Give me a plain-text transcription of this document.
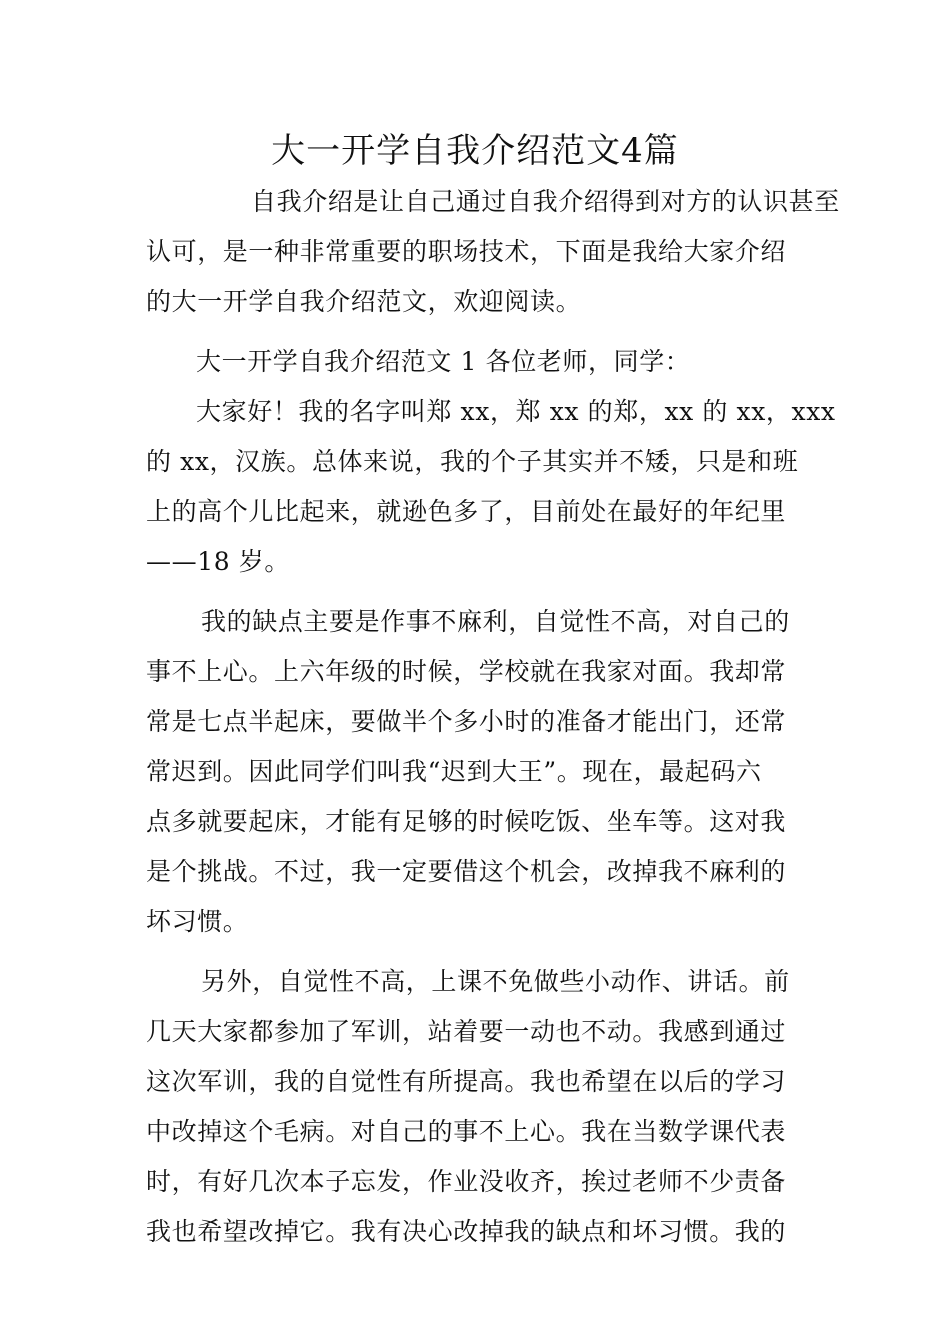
大一开学自我介绍范文4篇
自我介绍是让自己通过自我介绍得到对方的认识甚至
认可，是一种非常重要的职场技术，下面是我给大家介绍
的大一开学自我介绍范文，欢迎阅读。
大一开学自我介绍范文 1 各位老师，同学：
大家好！我的名字叫郑 xx，郑 xx 的郑，xx 的 xx，xxx
的 xx，汉族。总体来说，我的个子其实并不矮，只是和班
上的高个儿比起来，就逊色多了，目前处在最好的年纪里
——18 岁。
我的缺点主要是作事不麻利，自觉性不高，对自己的
事不上心。上六年级的时候，学校就在我家对面。我却常
常是七点半起床，要做半个多小时的准备才能出门，还常
常迟到。因此同学们叫我“迟到大王”。现在，最起码六
点多就要起床，才能有足够的时候吃饭、坐车等。这对我
是个挑战。不过，我一定要借这个机会，改掉我不麻利的
坏习惯。
另外，自觉性不高，上课不免做些小动作、讲话。前
几天大家都参加了军训，站着要一动也不动。我感到通过
这次军训，我的自觉性有所提高。我也希望在以后的学习
中改掉这个毛病。对自己的事不上心。我在当数学课代表
时，有好几次本子忘发，作业没收齐，挨过老师不少责备
我也希望改掉它。我有决心改掉我的缺点和坏习惯。我的
